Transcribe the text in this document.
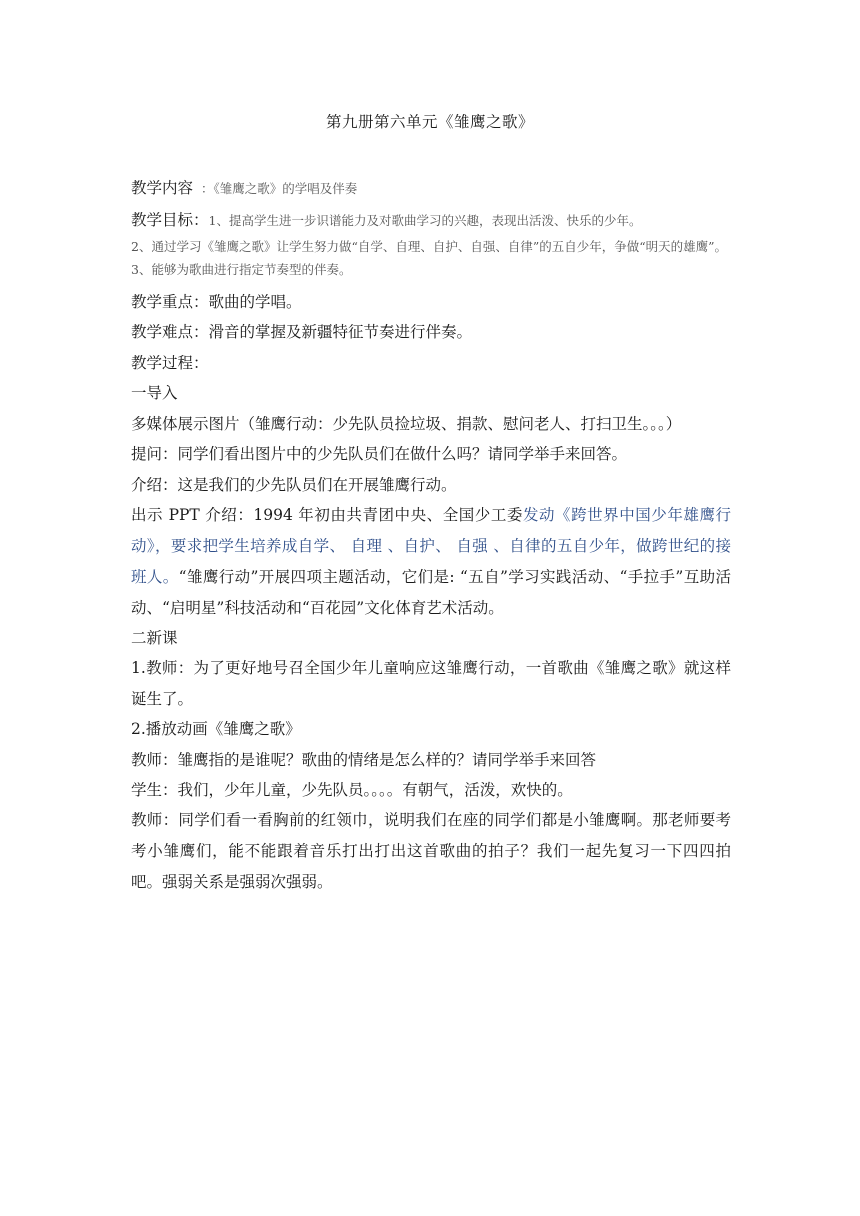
第九册第六单元《雏鹰之歌》
教学内容 ：《雏鹰之歌》的学唱及伴奏
教学目标：1、提高学生进一步识谱能力及对歌曲学习的兴趣，表现出活泼、快乐的少年。
2、通过学习《雏鹰之歌》让学生努力做“自学、自理、自护、自强、自律”的五自少年，争做“明天的雄鹰”。
3、能够为歌曲进行指定节奏型的伴奏。
教学重点：歌曲的学唱。
教学难点：滑音的掌握及新疆特征节奏进行伴奏。
教学过程：
一导入
多媒体展示图片（雏鹰行动：少先队员捡垃圾、捐款、慰问老人、打扫卫生。。。）
提问：同学们看出图片中的少先队员们在做什么吗？请同学举手来回答。
介绍：这是我们的少先队员们在开展雏鹰行动。
出示 PPT 介绍：1994 年初由共青团中央、全国少工委发动《跨世界中国少年雄鹰行动》，要求把学生培养成自学、 自理 、自护、 自强 、自律的五自少年，做跨世纪的接班人。“雏鹰行动”开展四项主题活动，它们是: “五自”学习实践活动、“手拉手”互助活动、“启明星”科技活动和“百花园”文化体育艺术活动。
二新课
1.教师：为了更好地号召全国少年儿童响应这雏鹰行动，一首歌曲《雏鹰之歌》就这样诞生了。
2.播放动画《雏鹰之歌》
教师：雏鹰指的是谁呢？歌曲的情绪是怎么样的？请同学举手来回答
学生：我们，少年儿童，少先队员。。。。有朝气，活泼，欢快的。
教师：同学们看一看胸前的红领巾，说明我们在座的同学们都是小雏鹰啊。那老师要考考小雏鹰们，能不能跟着音乐打出打出这首歌曲的拍子？我们一起先复习一下四四拍吧。强弱关系是强弱次强弱。
